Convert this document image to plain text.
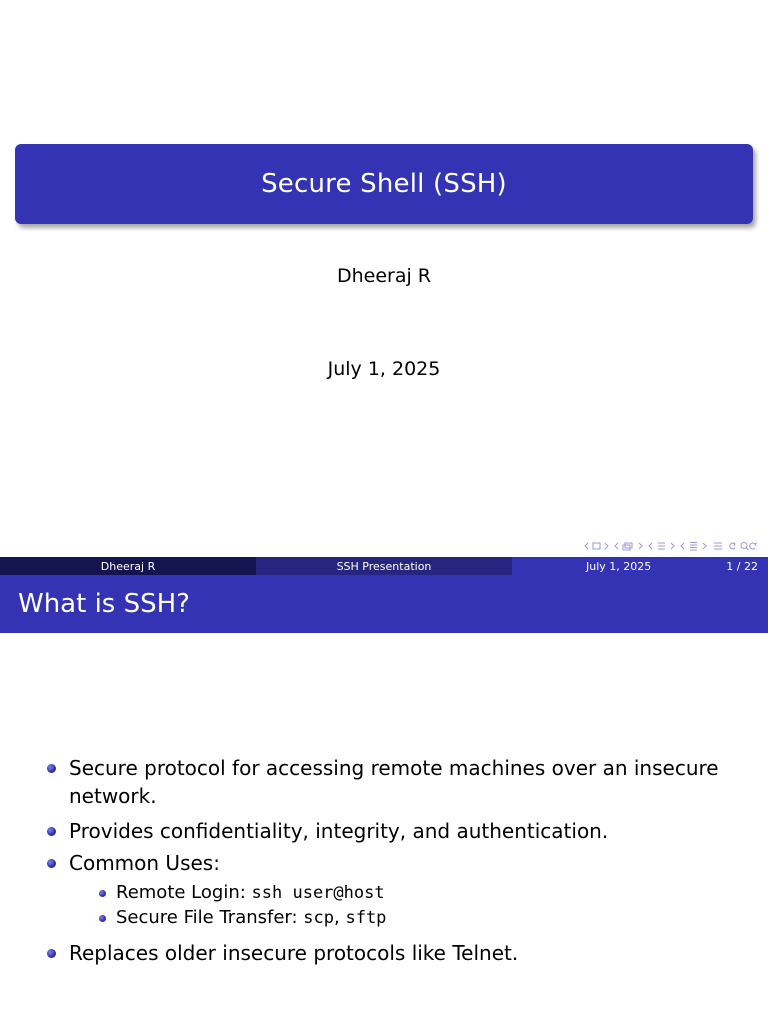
Secure Shell (SSH)
Dheeraj R
July 1, 2025
Dheeraj R	SSH Presentation	July 1, 2025	1 / 22
What is SSH?
Secure protocol for accessing remote machines over an insecure
network.
Provides confidentiality, integrity, and authentication.
Common Uses:
Remote Login: ssh user@host
Secure File Transfer: scp, sftp
Replaces older insecure protocols like Telnet.
